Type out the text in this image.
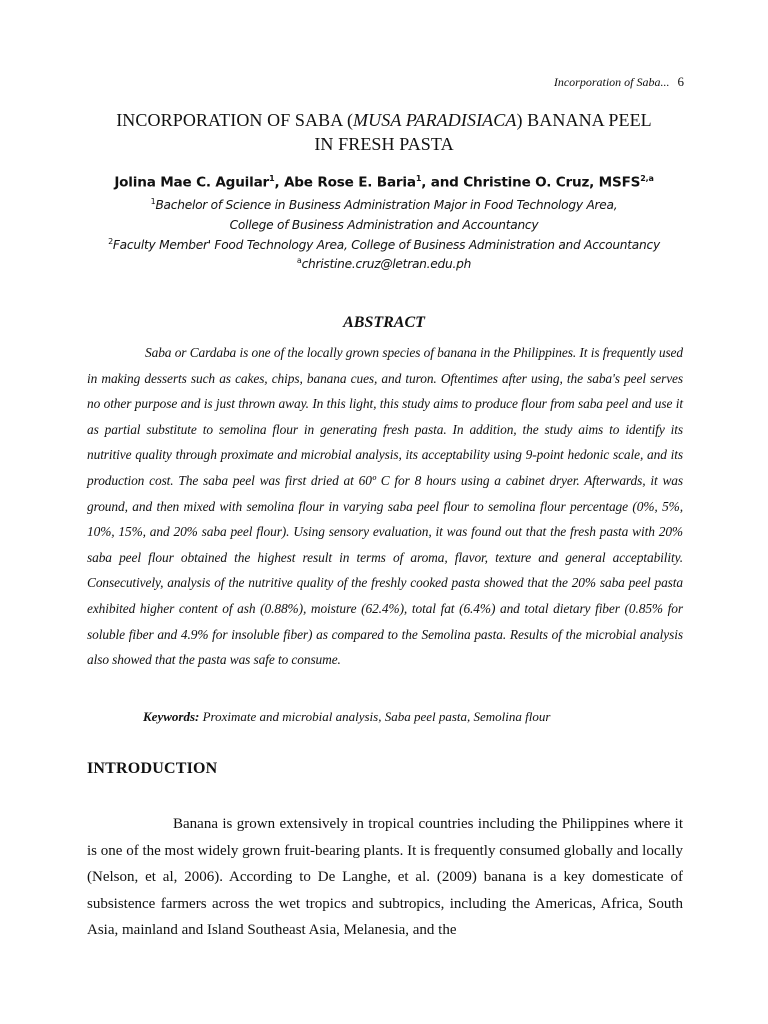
Incorporation of Saba... 6
INCORPORATION OF SABA (MUSA PARADISIACA) BANANA PEEL
IN FRESH PASTA
Jolina Mae C. Aguilar$^1$, Abe Rose E. Baria$^1$, and Christine O. Cruz, MSFS$^{2,a}$
$^1$Bachelor of Science in Business Administration Major in Food Technology Area,
College of Business Administration and Accountancy
$^2$Faculty Member' Food Technology Area, College of Business Administration and Accountancy
$^a$christine.cruz@letran.edu.ph
ABSTRACT
Saba or Cardaba is one of the locally grown species of banana in the Philippines. It is frequently used in making desserts such as cakes, chips, banana cues, and turon. Oftentimes after using, the saba's peel serves no other purpose and is just thrown away. In this light, this study aims to produce flour from saba peel and use it as partial substitute to semolina flour in generating fresh pasta. In addition, the study aims to identify its nutritive quality through proximate and microbial analysis, its acceptability using 9-point hedonic scale, and its production cost. The saba peel was first dried at 60º C for 8 hours using a cabinet dryer. Afterwards, it was ground, and then mixed with semolina flour in varying saba peel flour to semolina flour percentage (0%, 5%, 10%, 15%, and 20% saba peel flour). Using sensory evaluation, it was found out that the fresh pasta with 20% saba peel flour obtained the highest result in terms of aroma, flavor, texture and general acceptability. Consecutively, analysis of the nutritive quality of the freshly cooked pasta showed that the 20% saba peel pasta exhibited higher content of ash (0.88%), moisture (62.4%), total fat (6.4%) and total dietary fiber (0.85% for soluble fiber and 4.9% for insoluble fiber) as compared to the Semolina pasta. Results of the microbial analysis also showed that the pasta was safe to consume.
Keywords: Proximate and microbial analysis, Saba peel pasta, Semolina flour
INTRODUCTION
Banana is grown extensively in tropical countries including the Philippines where it is one of the most widely grown fruit-bearing plants. It is frequently consumed globally and locally (Nelson, et al, 2006). According to De Langhe, et al. (2009) banana is a key domesticate of subsistence farmers across the wet tropics and subtropics, including the Americas, Africa, South Asia, mainland and Island Southeast Asia, Melanesia, and the
